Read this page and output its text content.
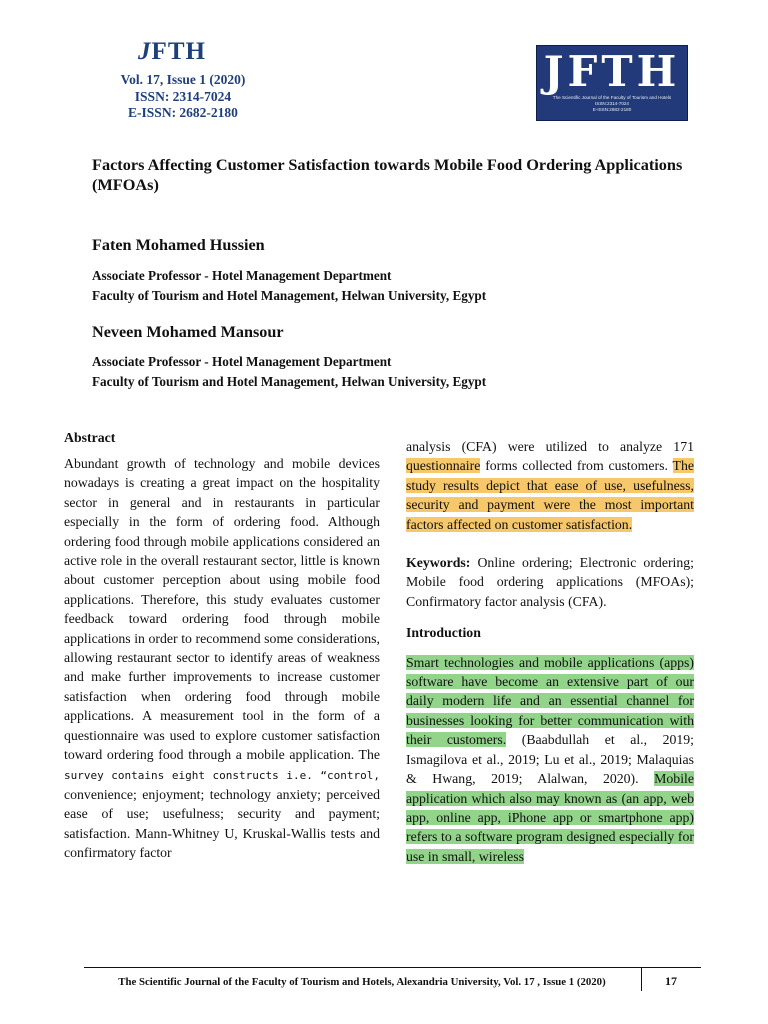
JFTH
Vol. 17, Issue 1 (2020)
ISSN: 2314-7024
E-ISSN: 2682-2180
JFTH
The Scientific Journal of the Faculty of Tourism and Hotels
ISSN:2314-7024
E-ISSN:2682-2180
Factors Affecting Customer Satisfaction towards Mobile Food Ordering Applications (MFOAs)
Faten Mohamed Hussien
Associate Professor - Hotel Management Department
Faculty of Tourism and Hotel Management, Helwan University, Egypt
Neveen Mohamed Mansour
Associate Professor - Hotel Management Department
Faculty of Tourism and Hotel Management, Helwan University, Egypt
Abstract
Abundant growth of technology and mobile devices nowadays is creating a great impact on the hospitality sector in general and in restaurants in particular especially in the form of ordering food. Although ordering food through mobile applications considered an active role in the overall restaurant sector, little is known about customer perception about using mobile food applications. Therefore, this study evaluates customer feedback toward ordering food through mobile applications in order to recommend some considerations, allowing restaurant sector to identify areas of weakness and make further improvements to increase customer satisfaction when ordering food through mobile applications. A measurement tool in the form of a questionnaire was used to explore customer satisfaction toward ordering food through a mobile application. The survey contains eight constructs i.e. “control, convenience; enjoyment; technology anxiety; perceived ease of use; usefulness; security and payment; satisfaction. Mann-Whitney U, Kruskal-Wallis tests and confirmatory factor
analysis (CFA) were utilized to analyze 171 questionnaire forms collected from customers. The study results depict that ease of use, usefulness, security and payment were the most important factors affected on customer satisfaction.
Keywords: Online ordering; Electronic ordering; Mobile food ordering applications (MFOAs); Confirmatory factor analysis (CFA).
Introduction
Smart technologies and mobile applications (apps) software have become an extensive part of our daily modern life and an essential channel for businesses looking for better communication with their customers. (Baabdullah et al., 2019; Ismagilova et al., 2019; Lu et al., 2019; Malaquias & Hwang, 2019; Alalwan, 2020). Mobile application which also may known as (an app, web app, online app, iPhone app or smartphone app) refers to a software program designed especially for use in small, wireless
The Scientific Journal of the Faculty of Tourism and Hotels, Alexandria University, Vol. 17 , Issue 1 (2020)	17
